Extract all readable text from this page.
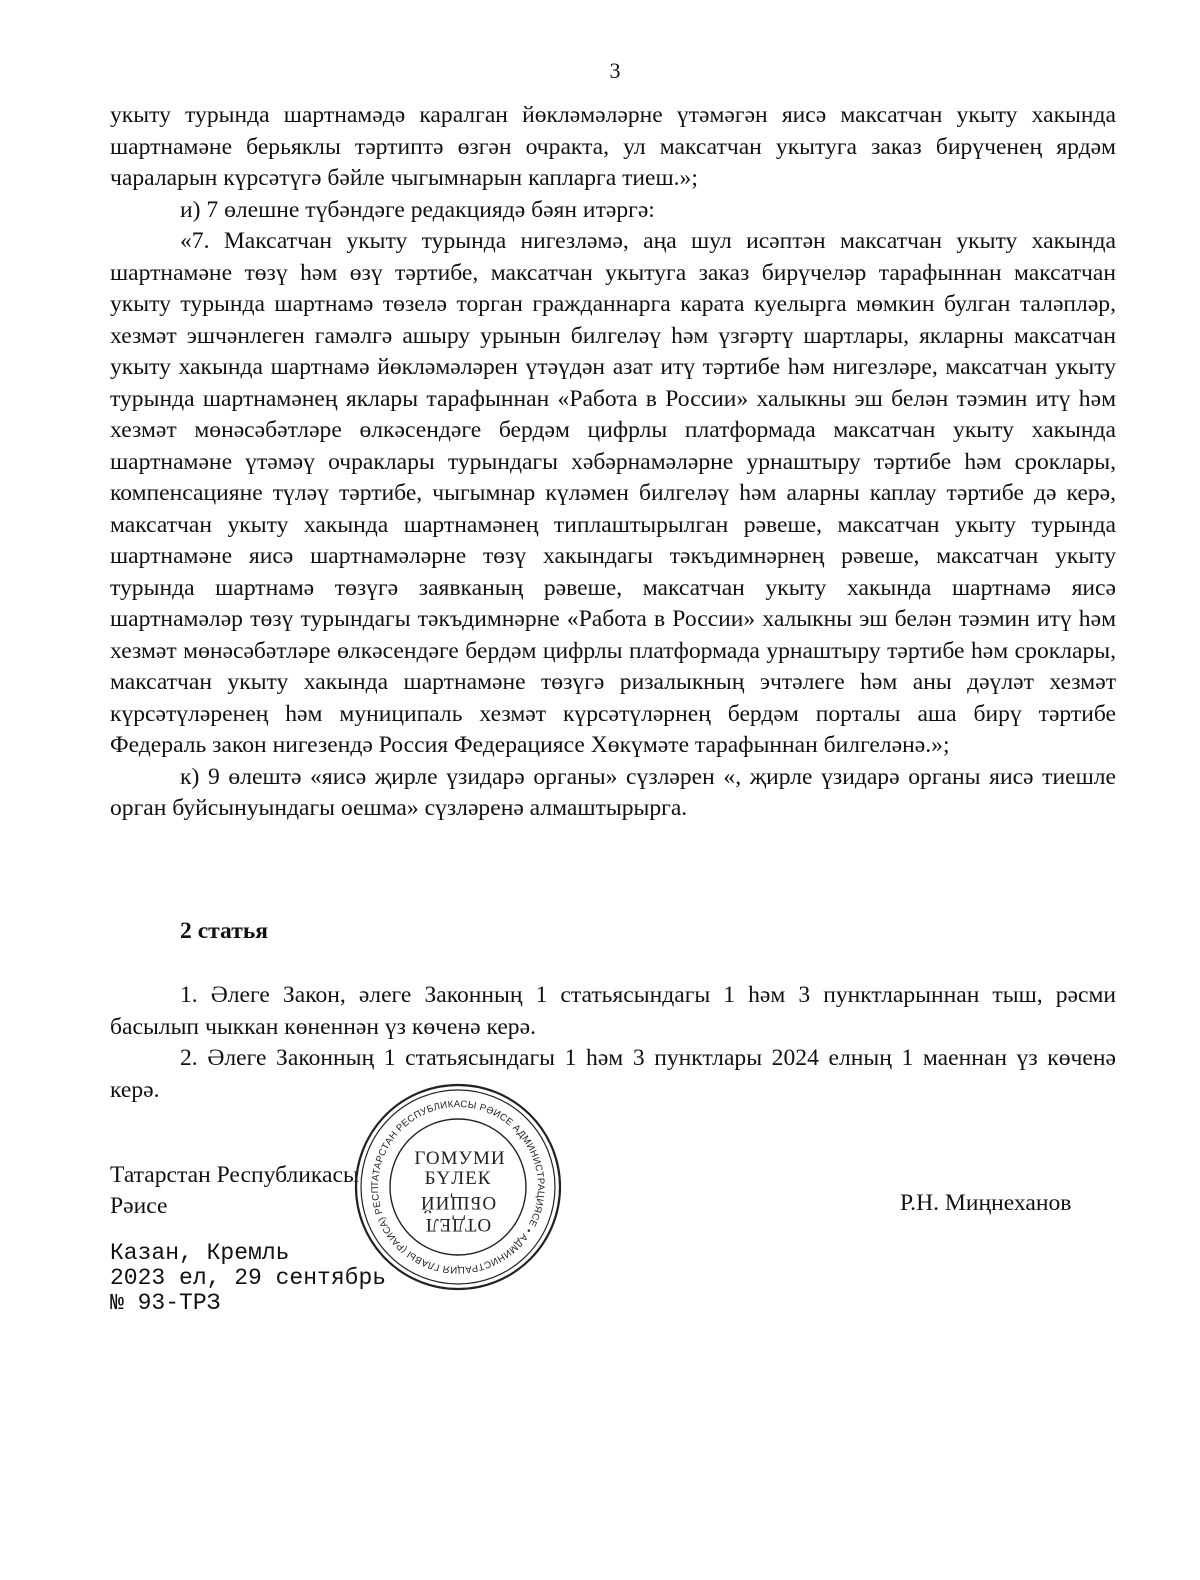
3

укыту турында шартнамәдә каралган йөкләмәләрне үтәмәгән яисә максатчан укыту хакында шартнамәне берьяклы тәртиптә өзгән очракта, ул максатчан укытуга заказ бирүченең ярдәм чараларын күрсәтүгә бәйле чыгымнарын капларга тиеш.»;

и) 7 өлешне түбәндәге редакциядә бәян итәргә:

«7. Максатчан укыту турында нигезләмә, аңа шул исәптән максатчан укыту хакында шартнамәне төзү һәм өзү тәртибе, максатчан укытуга заказ бирүчеләр тарафыннан максатчан укыту турында шартнамә төзелә торган гражданнарга карата куелырга мөмкин булган таләпләр, хезмәт эшчәнлеген гамәлгә ашыру урынын билгеләү һәм үзгәртү шартлары, якларны максатчан укыту хакында шартнамә йөкләмәләрен үтәүдән азат итү тәртибе һәм нигезләре, максатчан укыту турында шартнамәнең яклары тарафыннан «Работа в России» халыкны эш белән тәэмин итү һәм хезмәт мөнәсәбәтләре өлкәсендәге бердәм цифрлы платформада максатчан укыту хакында шартнамәне үтәмәү очраклары турындагы хәбәрнамәләрне урнаштыру тәртибе һәм сроклары, компенсацияне түләү тәртибе, чыгымнар күләмен билгеләү һәм аларны каплау тәртибе дә керә, максатчан укыту хакында шартнамәнең типлаштырылган рәвеше, максатчан укыту турында шартнамәне яисә шартнамәләрне төзү хакындагы тәкъдимнәрнең рәвеше, максатчан укыту турында шартнамә төзүгә заявканың рәвеше, максатчан укыту хакында шартнамә яисә шартнамәләр төзү турындагы тәкъдимнәрне «Работа в России» халыкны эш белән тәэмин итү һәм хезмәт мөнәсәбәтләре өлкәсендәге бердәм цифрлы платформада урнаштыру тәртибе һәм сроклары, максатчан укыту хакында шартнамәне төзүгә ризалыкның эчтәлеге һәм аны дәүләт хезмәт күрсәтүләренең һәм муниципаль хезмәт күрсәтүләрнең бердәм порталы аша бирү тәртибе Федераль закон нигезендә Россия Федерациясе Хөкүмәте тарафыннан билгеләнә.»;

к) 9 өлештә «яисә җирле үзидарә органы» сүзләрен «, җирле үзидарә органы яисә тиешле орган буйсынуындагы оешма» сүзләренә алмаштырырга.

2 статья

1. Әлеге Закон, әлеге Законның 1 статьясындагы 1 һәм 3 пунктларыннан тыш, рәсми басылып чыккан көненнән үз көченә керә.

2. Әлеге Законның 1 статьясындагы 1 һәм 3 пунктлары 2024 елның 1 маеннан үз көченә керә.

Татарстан Республикасы
Рәисе	Р.Н. Миңнеханов
Казан, Кремль
2023 ел, 29 сентябрь
№ 93-ТРЗ
ТАТАРСТАН РЕСПУБЛИКАСЫ РӘИСЕ АДМИНИСТРАЦИЯСЕ • АДМИНИСТРАЦИЯ ГЛАВЫ (РАИСА) РЕСПУБЛИКИ ТАТАРСТАН •
ГОМУМИ
БҮЛЕК
ОТДЕЛ
ОБЩИЙ
